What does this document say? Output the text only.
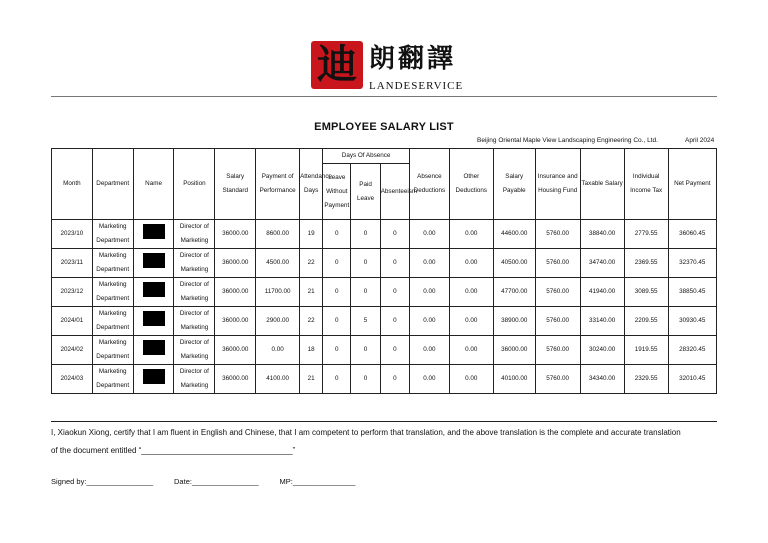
迪 朗翻譯
LANDESERVICE
EMPLOYEE SALARY LIST
Beijing Oriental Maple View Landscaping Engineering Co., Ltd.	April 2024
Month	Department	Name	Position	Salary Standard	Payment of Performance	Attendance Days	Days Of Absence			Absence Deductions	Other Deductions	Salary Payable	Insurance and Housing Fund	Taxable Salary	Individual Income Tax	Net Payment
							Leave Without Payment	Paid Leave	Absenteeism							

2023/10	Marketing Department		Director of Marketing	36000.00	8600.00	19	0	0	0	0.00	0.00	44600.00	5760.00	38840.00	2779.55	36060.45
2023/11	Marketing Department		Director of Marketing	36000.00	4500.00	22	0	0	0	0.00	0.00	40500.00	5760.00	34740.00	2369.55	32370.45
2023/12	Marketing Department		Director of Marketing	36000.00	11700.00	21	0	0	0	0.00	0.00	47700.00	5760.00	41940.00	3089.55	38850.45
2024/01	Marketing Department		Director of Marketing	36000.00	2900.00	22	0	5	0	0.00	0.00	38900.00	5760.00	33140.00	2209.55	30930.45
2024/02	Marketing Department		Director of Marketing	36000.00	0.00	18	0	0	0	0.00	0.00	36000.00	5760.00	30240.00	1919.55	28320.45
2024/03	Marketing Department		Director of Marketing	36000.00	4100.00	21	0	0	0	0.00	0.00	40100.00	5760.00	34340.00	2329.55	32010.45
I, Xiaokun Xiong, certify that I am fluent in English and Chinese, that I am competent to perform that translation, and the above translation is the complete and accurate translation
of the document entitled “__________________________________”
Signed by:________________          Date:________________          MP:_______________
